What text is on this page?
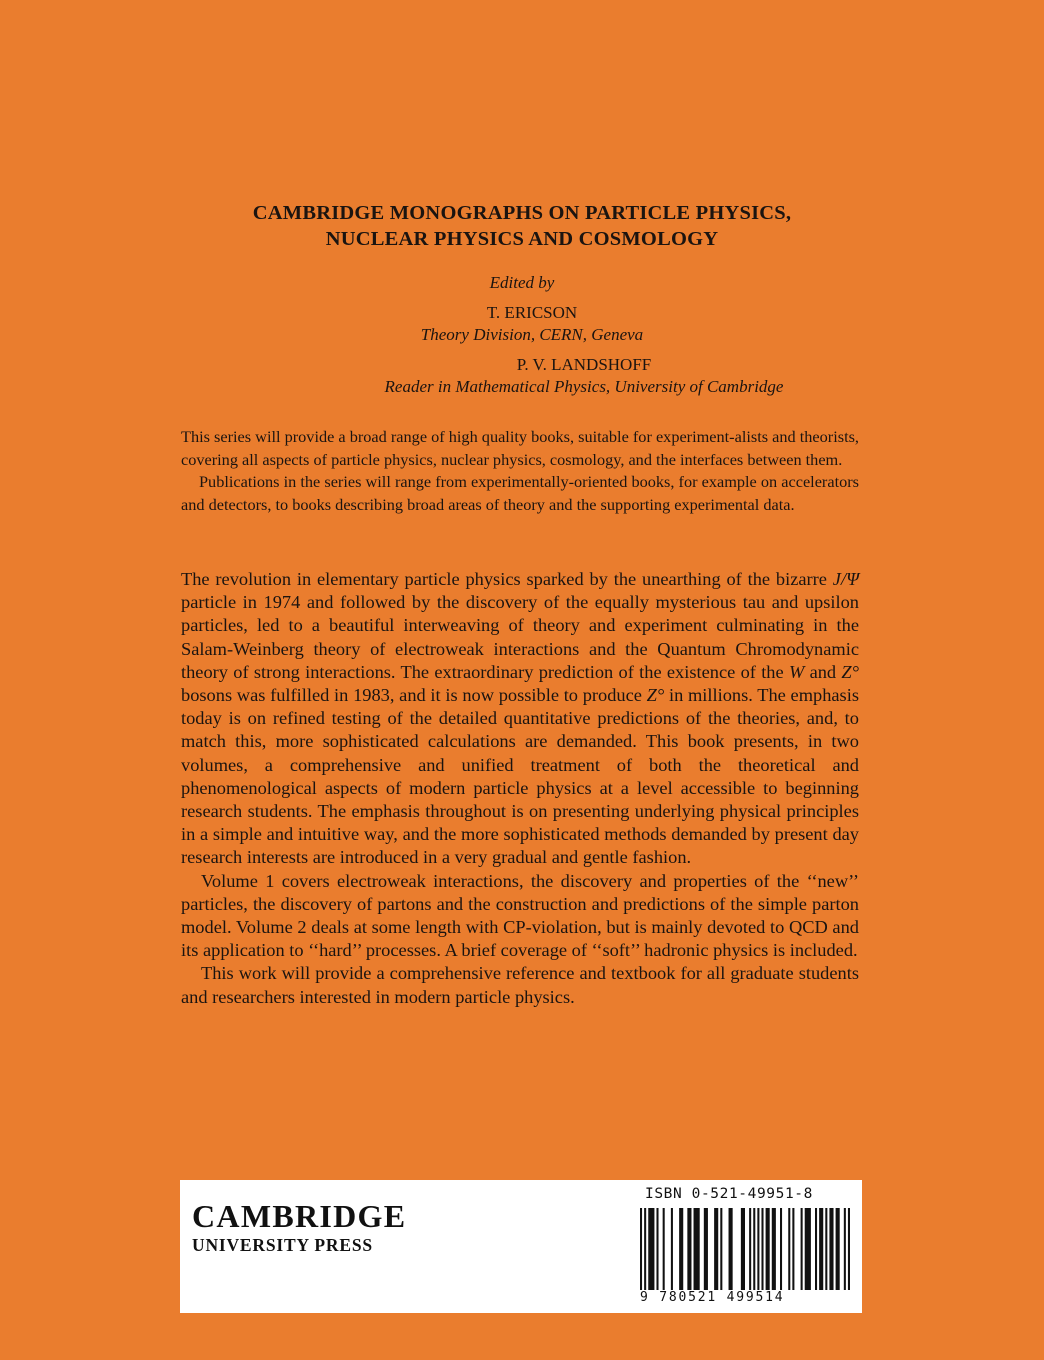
CAMBRIDGE MONOGRAPHS ON PARTICLE PHYSICS,
NUCLEAR PHYSICS AND COSMOLOGY
Edited by
T. ERICSON
Theory Division, CERN, Geneva
P. V. LANDSHOFF
Reader in Mathematical Physics, University of Cambridge

This series will provide a broad range of high quality books, suitable for experiment-alists and theorists, covering all aspects of particle physics, nuclear physics, cosmology, and the interfaces between them.

Publications in the series will range from experimentally-oriented books, for example on accelerators and detectors, to books describing broad areas of theory and the supporting experimental data.

The revolution in elementary particle physics sparked by the unearthing of the bizarre J/Ψ particle in 1974 and followed by the discovery of the equally mysterious tau and upsilon particles, led to a beautiful interweaving of theory and experiment culminating in the Salam-Weinberg theory of electroweak interactions and the Quantum Chromodynamic theory of strong interactions. The extraordinary prediction of the existence of the W and Z° bosons was fulfilled in 1983, and it is now possible to produce Z° in millions. The emphasis today is on refined testing of the detailed quantitative predictions of the theories, and, to match this, more sophisticated calculations are demanded. This book presents, in two volumes, a comprehensive and unified treatment of both the theoretical and phenomenological aspects of modern particle physics at a level accessible to beginning research students. The emphasis throughout is on presenting underlying physical principles in a simple and intuitive way, and the more sophisticated methods demanded by present day research interests are introduced in a very gradual and gentle fashion.

Volume 1 covers electroweak interactions, the discovery and properties of the ‘‘new’’ particles, the discovery of partons and the construction and predictions of the simple parton model. Volume 2 deals at some length with CP-violation, but is mainly devoted to QCD and its application to ‘‘hard’’ processes. A brief coverage of ‘‘soft’’ hadronic physics is included.

This work will provide a comprehensive reference and textbook for all graduate students and researchers interested in modern particle physics.

CAMBRIDGE
UNIVERSITY PRESS
ISBN 0-521-49951-8
9 780521 499514
